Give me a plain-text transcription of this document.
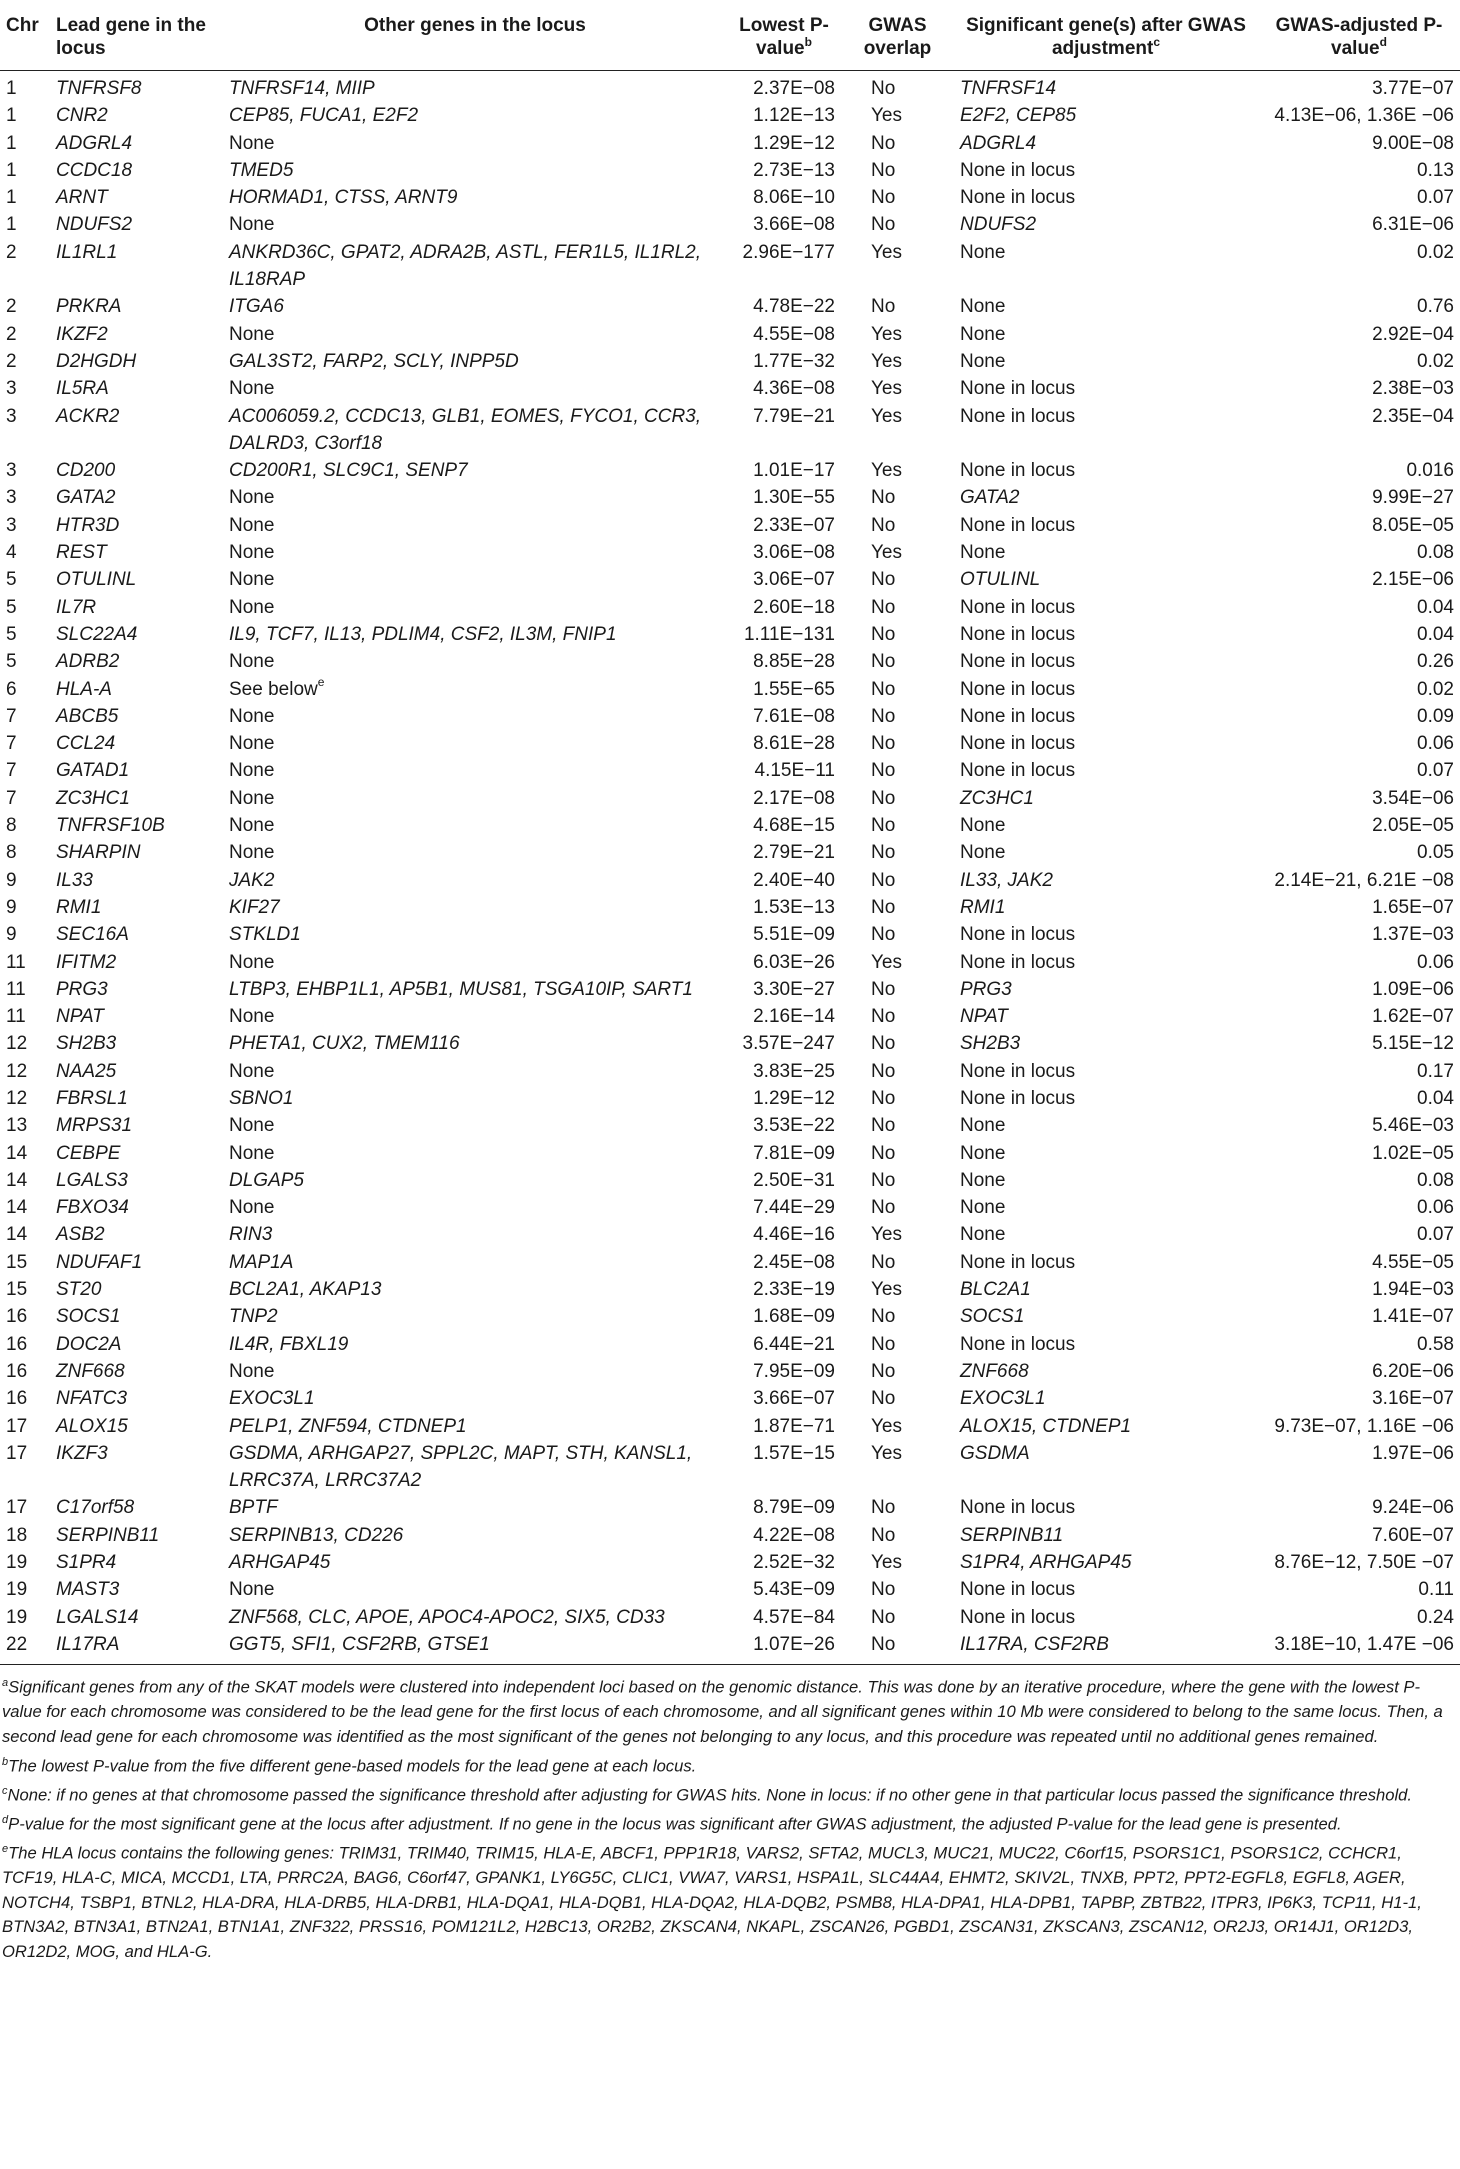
Chr	Lead gene in the locus	Other genes in the locus	Lowest P-value$^b$	GWAS overlap	Significant gene(s) after GWAS adjustment$^c$	GWAS-adjusted P-value$^d$
1	TNFRSF8	TNFRSF14, MIIP	2.37E−08	No	TNFRSF14	3.77E−07
1	CNR2	CEP85, FUCA1, E2F2	1.12E−13	Yes	E2F2, CEP85	4.13E−06, 1.36E −06
1	ADGRL4	None	1.29E−12	No	ADGRL4	9.00E−08
1	CCDC18	TMED5	2.73E−13	No	None in locus	0.13
1	ARNT	HORMAD1, CTSS, ARNT9	8.06E−10	No	None in locus	0.07
1	NDUFS2	None	3.66E−08	No	NDUFS2	6.31E−06
2	IL1RL1	ANKRD36C, GPAT2, ADRA2B, ASTL, FER1L5, IL1RL2, IL18RAP	2.96E−177	Yes	None	0.02
2	PRKRA	ITGA6	4.78E−22	No	None	0.76
2	IKZF2	None	4.55E−08	Yes	None	2.92E−04
2	D2HGDH	GAL3ST2, FARP2, SCLY, INPP5D	1.77E−32	Yes	None	0.02
3	IL5RA	None	4.36E−08	Yes	None in locus	2.38E−03
3	ACKR2	AC006059.2, CCDC13, GLB1, EOMES, FYCO1, CCR3, DALRD3, C3orf18	7.79E−21	Yes	None in locus	2.35E−04
3	CD200	CD200R1, SLC9C1, SENP7	1.01E−17	Yes	None in locus	0.016
3	GATA2	None	1.30E−55	No	GATA2	9.99E−27
3	HTR3D	None	2.33E−07	No	None in locus	8.05E−05
4	REST	None	3.06E−08	Yes	None	0.08
5	OTULINL	None	3.06E−07	No	OTULINL	2.15E−06
5	IL7R	None	2.60E−18	No	None in locus	0.04
5	SLC22A4	IL9, TCF7, IL13, PDLIM4, CSF2, IL3M, FNIP1	1.11E−131	No	None in locus	0.04
5	ADRB2	None	8.85E−28	No	None in locus	0.26
6	HLA-A	See below$^e$	1.55E−65	No	None in locus	0.02
7	ABCB5	None	7.61E−08	No	None in locus	0.09
7	CCL24	None	8.61E−28	No	None in locus	0.06
7	GATAD1	None	4.15E−11	No	None in locus	0.07
7	ZC3HC1	None	2.17E−08	No	ZC3HC1	3.54E−06
8	TNFRSF10B	None	4.68E−15	No	None	2.05E−05
8	SHARPIN	None	2.79E−21	No	None	0.05
9	IL33	JAK2	2.40E−40	No	IL33, JAK2	2.14E−21, 6.21E −08
9	RMI1	KIF27	1.53E−13	No	RMI1	1.65E−07
9	SEC16A	STKLD1	5.51E−09	No	None in locus	1.37E−03
11	IFITM2	None	6.03E−26	Yes	None in locus	0.06
11	PRG3	LTBP3, EHBP1L1, AP5B1, MUS81, TSGA10IP, SART1	3.30E−27	No	PRG3	1.09E−06
11	NPAT	None	2.16E−14	No	NPAT	1.62E−07
12	SH2B3	PHETA1, CUX2, TMEM116	3.57E−247	No	SH2B3	5.15E−12
12	NAA25	None	3.83E−25	No	None in locus	0.17
12	FBRSL1	SBNO1	1.29E−12	No	None in locus	0.04
13	MRPS31	None	3.53E−22	No	None	5.46E−03
14	CEBPE	None	7.81E−09	No	None	1.02E−05
14	LGALS3	DLGAP5	2.50E−31	No	None	0.08
14	FBXO34	None	7.44E−29	No	None	0.06
14	ASB2	RIN3	4.46E−16	Yes	None	0.07
15	NDUFAF1	MAP1A	2.45E−08	No	None in locus	4.55E−05
15	ST20	BCL2A1, AKAP13	2.33E−19	Yes	BLC2A1	1.94E−03
16	SOCS1	TNP2	1.68E−09	No	SOCS1	1.41E−07
16	DOC2A	IL4R, FBXL19	6.44E−21	No	None in locus	0.58
16	ZNF668	None	7.95E−09	No	ZNF668	6.20E−06
16	NFATC3	EXOC3L1	3.66E−07	No	EXOC3L1	3.16E−07
17	ALOX15	PELP1, ZNF594, CTDNEP1	1.87E−71	Yes	ALOX15, CTDNEP1	9.73E−07, 1.16E −06
17	IKZF3	GSDMA, ARHGAP27, SPPL2C, MAPT, STH, KANSL1, LRRC37A, LRRC37A2	1.57E−15	Yes	GSDMA	1.97E−06
17	C17orf58	BPTF	8.79E−09	No	None in locus	9.24E−06
18	SERPINB11	SERPINB13, CD226	4.22E−08	No	SERPINB11	7.60E−07
19	S1PR4	ARHGAP45	2.52E−32	Yes	S1PR4, ARHGAP45	8.76E−12, 7.50E −07
19	MAST3	None	5.43E−09	No	None in locus	0.11
19	LGALS14	ZNF568, CLC, APOE, APOC4-APOC2, SIX5, CD33	4.57E−84	No	None in locus	0.24
22	IL17RA	GGT5, SFI1, CSF2RB, GTSE1	1.07E−26	No	IL17RA, CSF2RB	3.18E−10, 1.47E −06

$^a$Significant genes from any of the SKAT models were clustered into independent loci based on the genomic distance. This was done by an iterative procedure, where the gene with the lowest P-value for each chromosome was considered to be the lead gene for the first locus of each chromosome, and all significant genes within 10 Mb were considered to belong to the same locus. Then, a second lead gene for each chromosome was identified as the most significant of the genes not belonging to any locus, and this procedure was repeated until no additional genes remained.

$^b$The lowest P-value from the five different gene-based models for the lead gene at each locus.

$^c$None: if no genes at that chromosome passed the significance threshold after adjusting for GWAS hits. None in locus: if no other gene in that particular locus passed the significance threshold.

$^d$P-value for the most significant gene at the locus after adjustment. If no gene in the locus was significant after GWAS adjustment, the adjusted P-value for the lead gene is presented.

$^e$The HLA locus contains the following genes: TRIM31, TRIM40, TRIM15, HLA-E, ABCF1, PPP1R18, VARS2, SFTA2, MUCL3, MUC21, MUC22, C6orf15, PSORS1C1, PSORS1C2, CCHCR1, TCF19, HLA-C, MICA, MCCD1, LTA, PRRC2A, BAG6, C6orf47, GPANK1, LY6G5C, CLIC1, VWA7, VARS1, HSPA1L, SLC44A4, EHMT2, SKIV2L, TNXB, PPT2, PPT2-EGFL8, EGFL8, AGER, NOTCH4, TSBP1, BTNL2, HLA-DRA, HLA-DRB5, HLA-DRB1, HLA-DQA1, HLA-DQB1, HLA-DQA2, HLA-DQB2, PSMB8, HLA-DPA1, HLA-DPB1, TAPBP, ZBTB22, ITPR3, IP6K3, TCP11, H1-1, BTN3A2, BTN3A1, BTN2A1, BTN1A1, ZNF322, PRSS16, POM121L2, H2BC13, OR2B2, ZKSCAN4, NKAPL, ZSCAN26, PGBD1, ZSCAN31, ZKSCAN3, ZSCAN12, OR2J3, OR14J1, OR12D3, OR12D2, MOG, and HLA-G.
